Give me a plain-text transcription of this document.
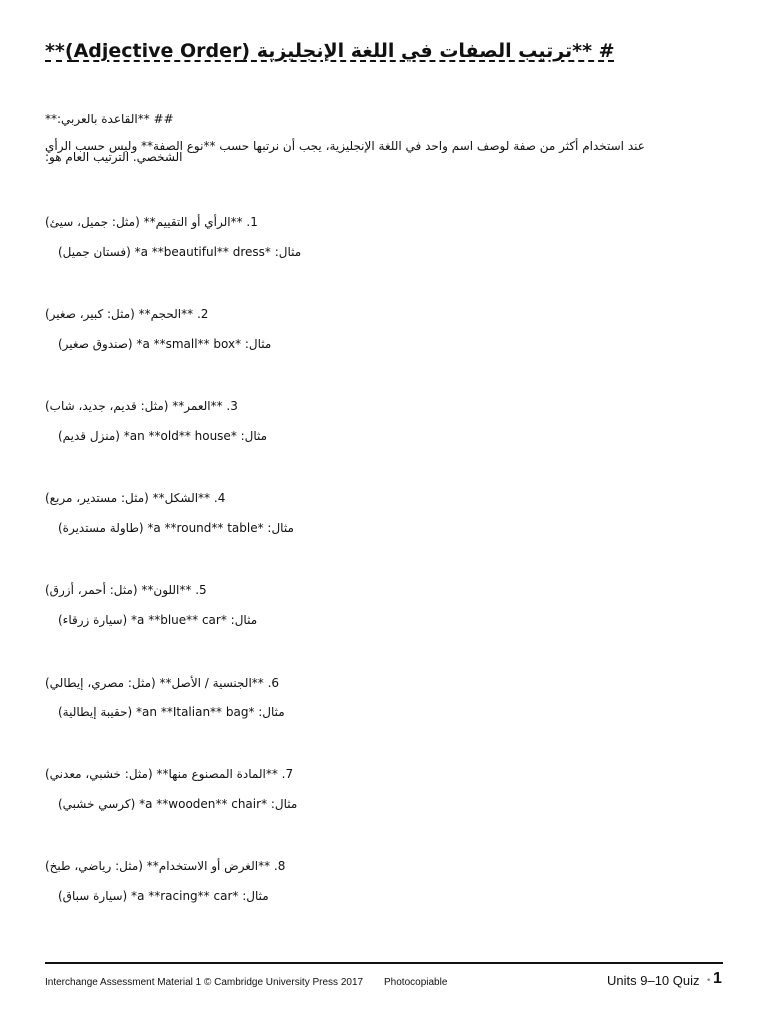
# **ترتيب الصفات في اللغة الإنجليزية (Adjective Order)**
## **القاعدة بالعربي:**
عند استخدام أكثر من صفة لوصف اسم واحد في اللغة الإنجليزية، يجب أن نرتبها حسب **نوع الصفة** وليس حسب الرأي الشخصي. الترتيب العام هو:
1. **الرأي أو التقييم** (مثل: جميل، سيئ)
مثال: *a **beautiful** dress* (فستان جميل)
2. **الحجم** (مثل: كبير، صغير)
مثال: *a **small** box* (صندوق صغير)
3. **العمر** (مثل: قديم، جديد، شاب)
مثال: *an **old** house* (منزل قديم)
4. **الشكل** (مثل: مستدير، مربع)
مثال: *a **round** table* (طاولة مستديرة)
5. **اللون** (مثل: أحمر، أزرق)
مثال: *a **blue** car* (سيارة زرقاء)
6. **الجنسية / الأصل** (مثل: مصري، إيطالي)
مثال: *an **Italian** bag* (حقيبة إيطالية)
7. **المادة المصنوع منها** (مثل: خشبي، معدني)
مثال: *a **wooden** chair* (كرسي خشبي)
8. **الغرض أو الاستخدام** (مثل: رياضي، طبخ)
مثال: *a **racing** car* (سيارة سباق)
Interchange Assessment Material 1 © Cambridge University Press 2017 Photocopiable	Units 9–10 Quiz • 1
